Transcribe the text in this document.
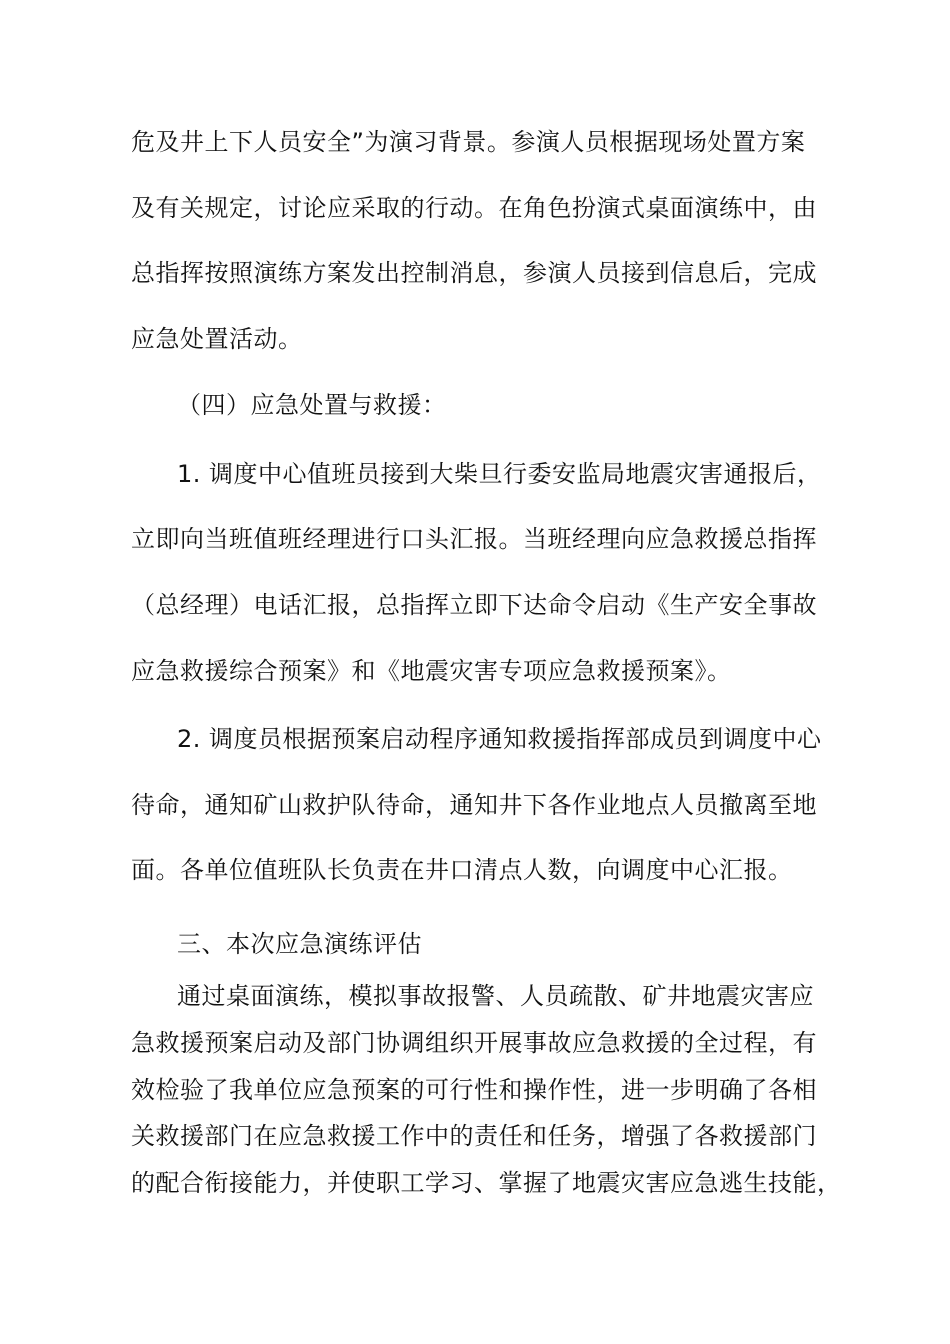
危及井上下人员安全”为演习背景。参演人员根据现场处置方案
及有关规定，讨论应采取的行动。在角色扮演式桌面演练中，由
总指挥按照演练方案发出控制消息，参演人员接到信息后，完成
应急处置活动。
（四）应急处置与救援：
1. 调度中心值班员接到大柴旦行委安监局地震灾害通报后，
立即向当班值班经理进行口头汇报。当班经理向应急救援总指挥
（总经理）电话汇报，总指挥立即下达命令启动《生产安全事故
应急救援综合预案》和《地震灾害专项应急救援预案》。
2. 调度员根据预案启动程序通知救援指挥部成员到调度中心
待命，通知矿山救护队待命，通知井下各作业地点人员撤离至地
面。各单位值班队长负责在井口清点人数，向调度中心汇报。
三、本次应急演练评估
通过桌面演练，模拟事故报警、人员疏散、矿井地震灾害应
急救援预案启动及部门协调组织开展事故应急救援的全过程，有
效检验了我单位应急预案的可行性和操作性，进一步明确了各相
关救援部门在应急救援工作中的责任和任务，增强了各救援部门
的配合衔接能力，并使职工学习、掌握了地震灾害应急逃生技能，
